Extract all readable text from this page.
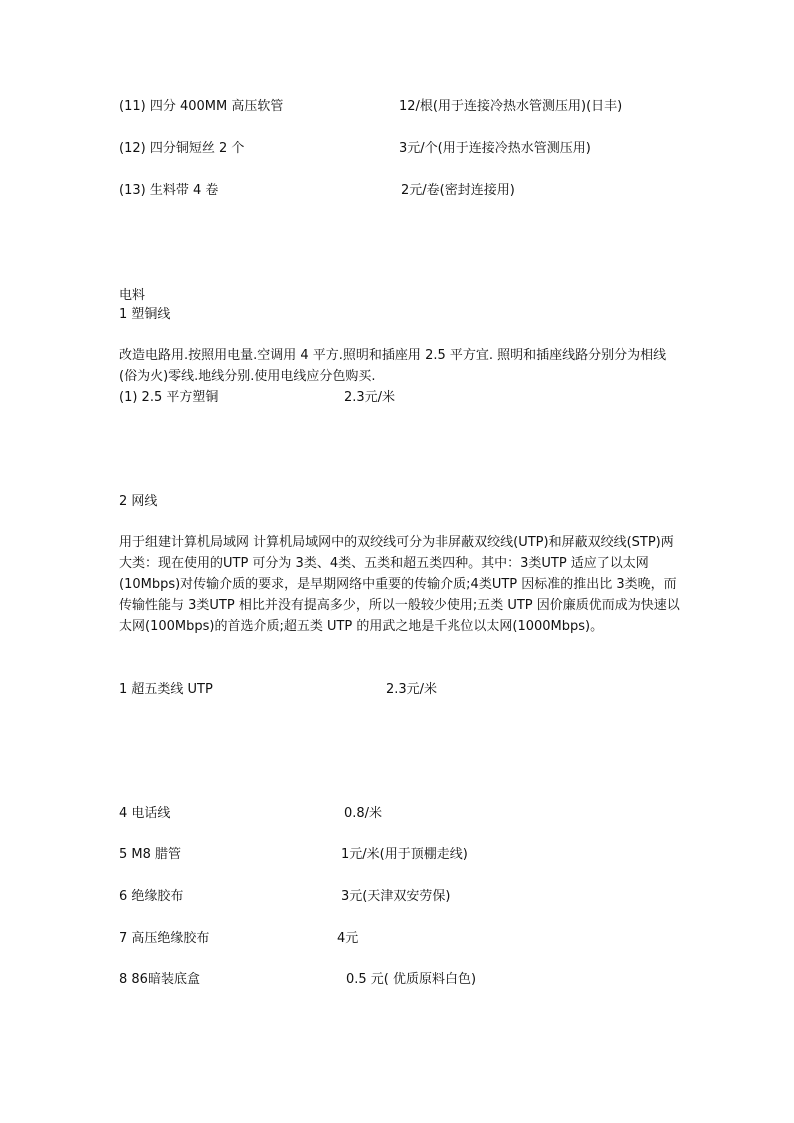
(11) 四分 400MM 高压软管	12/根(用于连接冷热水管测压用)(日丰)
(12) 四分铜短丝 2 个	3元/个(用于连接冷热水管测压用)
(13) 生料带 4 卷	2元/卷(密封连接用)
电料
1 塑铜线
改造电路用.按照用电量.空调用 4 平方.照明和插座用 2.5 平方宜. 照明和插座线路分别分为相线(俗为火)零线.地线分别.使用电线应分色购买.
(1) 2.5 平方塑铜	2.3元/米
2 网线
用于组建计算机局域网 计算机局域网中的双绞线可分为非屏蔽双绞线(UTP)和屏蔽双绞线(STP)两大类：现在使用的UTP 可分为 3类、4类、五类和超五类四种。其中：3类UTP 适应了以太网(10Mbps)对传输介质的要求，是早期网络中重要的传输介质;4类UTP 因标准的推出比 3类晚，而传输性能与 3类UTP 相比并没有提高多少，所以一般较少使用;五类 UTP 因价廉质优而成为快速以太网(100Mbps)的首选介质;超五类 UTP 的用武之地是千兆位以太网(1000Mbps)。
1 超五类线 UTP	2.3元/米
4 电话线	0.8/米
5 M8 腊管	1元/米(用于顶棚走线)
6 绝缘胶布	3元(天津双安劳保)
7 高压绝缘胶布	4元
8 86暗装底盒	0.5 元( 优质原料白色)
